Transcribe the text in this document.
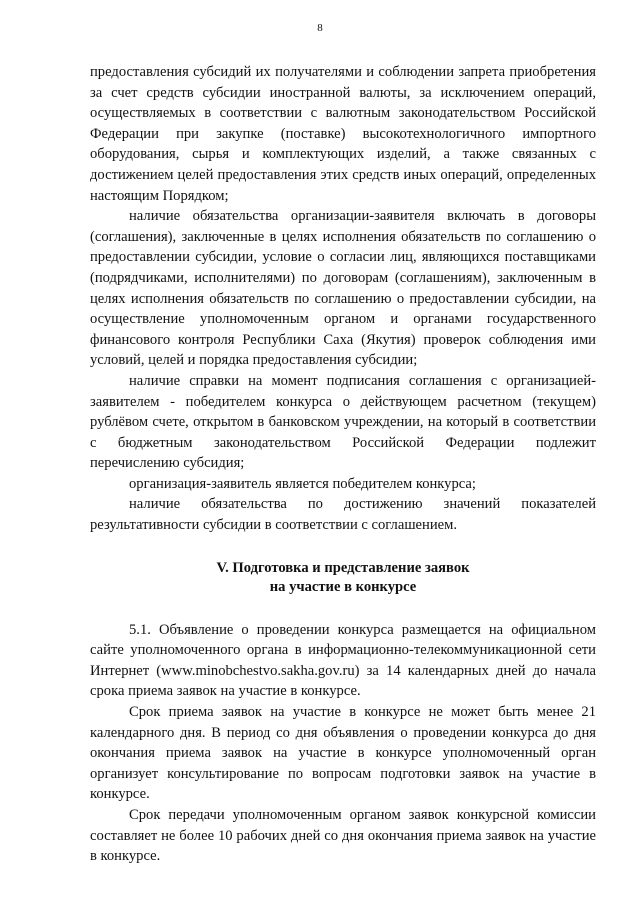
8

предоставления субсидий их получателями и соблюдении запрета приобретения за счет средств субсидии иностранной валюты, за исключением операций, осуществляемых в соответствии с валютным законодательством Российской Федерации при закупке (поставке) высокотехнологичного импортного оборудования, сырья и комплектующих изделий, а также связанных с достижением целей предоставления этих средств иных операций, определенных настоящим Порядком;

наличие обязательства организации-заявителя включать в договоры (соглашения), заключенные в целях исполнения обязательств по соглашению о предоставлении субсидии, условие о согласии лиц, являющихся поставщиками (подрядчиками, исполнителями) по договорам (соглашениям), заключенным в целях исполнения обязательств по соглашению о предоставлении субсидии, на осуществление уполномоченным органом и органами государственного финансового контроля Республики Саха (Якутия) проверок соблюдения ими условий, целей и порядка предоставления субсидии;

наличие справки на момент подписания соглашения с организацией-заявителем - победителем конкурса о действующем расчетном (текущем) рублёвом счете, открытом в банковском учреждении, на который в соответствии с бюджетным законодательством Российской Федерации подлежит перечислению субсидия;

организация-заявитель является победителем конкурса;

наличие обязательства по достижению значений показателей результативности субсидии в соответствии с соглашением.

V. Подготовка и представление заявок
на участие в конкурсе

5.1. Объявление о проведении конкурса размещается на официальном сайте уполномоченного органа в информационно-телекоммуникационной сети Интернет (www.minobchestvo.sakha.gov.ru) за 14 календарных дней до начала срока приема заявок на участие в конкурсе.

Срок приема заявок на участие в конкурсе не может быть менее 21 календарного дня. В период со дня объявления о проведении конкурса до дня окончания приема заявок на участие в конкурсе уполномоченный орган организует консультирование по вопросам подготовки заявок на участие в конкурсе.

Срок передачи уполномоченным органом заявок конкурсной комиссии составляет не более 10 рабочих дней со дня окончания приема заявок на участие в конкурсе.
